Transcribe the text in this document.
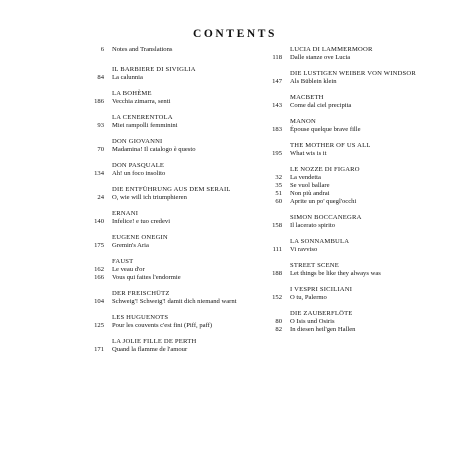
CONTENTS
6	Notes and Translations
IL BARBIERE DI SIVIGLIA
84	La calunnia
LA BOHÈME
186	Vecchia zimarra, senti
LA CENERENTOLA
93	Miei rampolli femminini
DON GIOVANNI
70	Madamina! Il catalogo è questo
DON PASQUALE
134	Ah! un foco insolito
DIE ENTFÜHRUNG AUS DEM SERAIL
24	O, wie will ich triumphieren
ERNANI
140	Infelice! e tuo credevi
EUGENE ONEGIN
175	Gremin's Aria
FAUST
162	Le veau d'or
166	Vous qui faites l'endormie
DER FREISCHÜTZ
104	Schweig'! Schweig'! damit dich niemand warnt
LES HUGUENOTS
125	Pour les couvents c'est fini (Piff, paff)
LA JOLIE FILLE DE PERTH
171	Quand la flamme de l'amour
LUCIA DI LAMMERMOOR
118	Dalle stanze ove Lucia
DIE LUSTIGEN WEIBER VON WINDSOR
147	Als Büblein klein
MACBETH
143	Come dal ciel precipita
MANON
183	Épouse quelque brave fille
THE MOTHER OF US ALL
195	What wis is it
LE NOZZE DI FIGARO
32	La vendetta
35	Se vuol ballare
51	Non più andrai
60	Aprite un po' quegl'occhi
SIMON BOCCANEGRA
158	Il lacerato spirito
LA SONNAMBULA
111	Vi ravviso
STREET SCENE
188	Let things be like they always was
I VESPRI SICILIANI
152	O tu, Palermo
DIE ZAUBERFLÖTE
80	O Isis und Osiris
82	In diesen heil'gen Hallen
